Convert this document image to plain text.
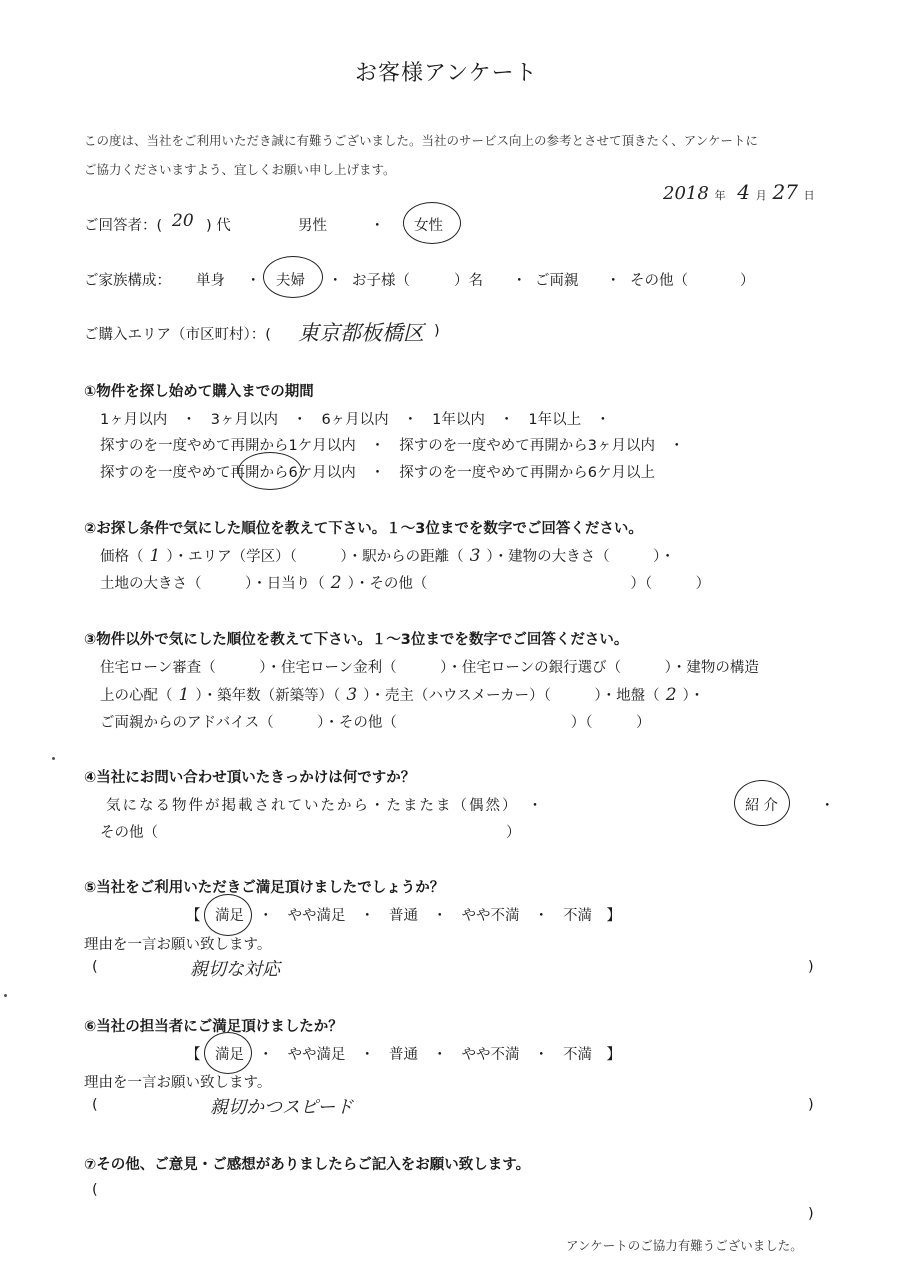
お客様アンケート
この度は、当社をご利用いただき誠に有難うございました。当社のサービス向上の参考とさせて頂きたく、アンケートに
ご協力くださいますよう、宜しくお願い申し上げます。
2018 年 4 月 27 日
ご回答者：( 20 ) 代	男性	・ 女性
ご家族構成： 単身 ・ 夫婦 ・ お子様（	）名 ・ ご両親 ・ その他（	）
ご購入エリア（市区町村）：( 東京都板橋区 )
①物件を探し始めて購入までの期間
1ヶ月以内　・　3ヶ月以内　・　6ヶ月以内　・　1年以内　・　1年以上　・
探すのを一度やめて再開から1ケ月以内　・　探すのを一度やめて再開から3ヶ月以内　・
探すのを一度やめて再開から6ケ月以内　・　探すのを一度やめて再開から6ケ月以上
②お探し条件で気にした順位を教えて下さい。１～3位までを数字でご回答ください。
価格（ 1 ）・エリア（学区）（　　　）・駅からの距離（ 3 ）・建物の大きさ（　　　）・
土地の大きさ（　　　）・日当り（ 2 ）・その他（　　　　　　　　　　　　　　）（　　　）
③物件以外で気にした順位を教えて下さい。１～3位までを数字でご回答ください。
住宅ローン審査（　　　）・住宅ローン金利（　　　）・住宅ローンの銀行選び（　　　）・建物の構造
上の心配（ 1 ）・築年数（新築等）（ 3 ）・売主（ハウスメーカー）（　　　）・地盤（ 2 ）・
ご両親からのアドバイス（　　　）・その他（　　　　　　　　　　　　）（　　　）
④当社にお問い合わせ頂いたきっかけは何ですか？
気になる物件が掲載されていたから・たまたま（偶然）　・	紹介	・
その他（　　　　　　　　　　　　　　　　　　　　　　　　）
⑤当社をご利用いただきご満足頂けましたでしょうか？
【　満足　・　やや満足　・　普通　・　やや不満　・　不満　】
理由を一言お願い致します。
(	親切な対応	)
⑥当社の担当者にご満足頂けましたか？
【　満足　・　やや満足　・　普通　・　やや不満　・　不満　】
理由を一言お願い致します。
(	親切かつスピード	)
⑦その他、ご意見・ご感想がありましたらご記入をお願い致します。
(
)
アンケートのご協力有難うございました。
